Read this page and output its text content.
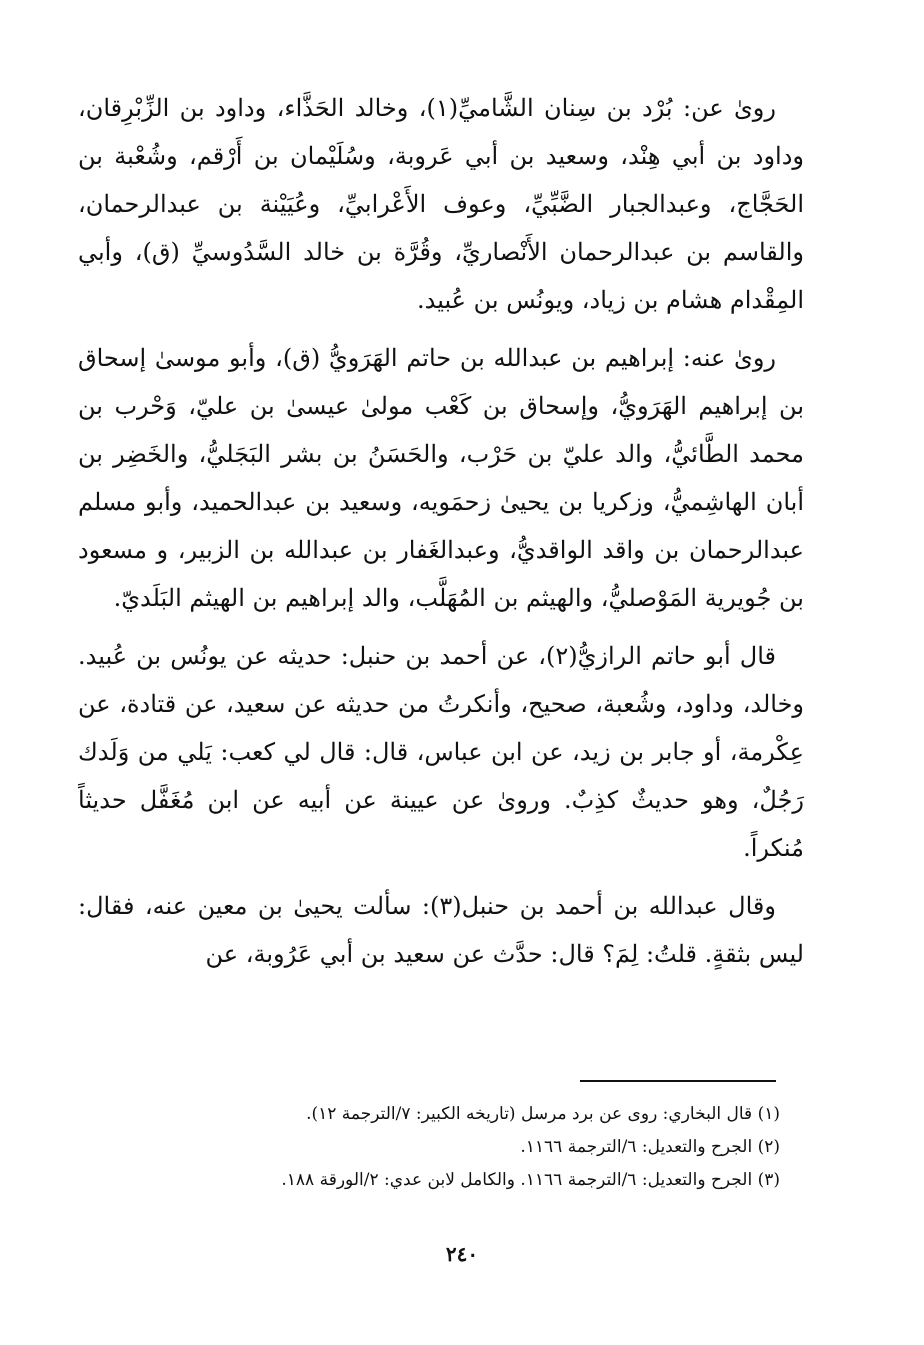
رویٰ عن: بُرْد بن سِنان الشَّاميِّ(١)، وخالد الحَذَّاء، وداود بن الزِّبْرِقان، وداود بن أبي هِنْد، وسعيد بن أبي عَروبة، وسُلَيْمان بن أَرْقم، وشُعْبة بن الحَجَّاج، وعبدالجبار الضَّبِّيِّ، وعوف الأَعْرابيِّ، وعُيَيْنة بن عبدالرحمان، والقاسم بن عبدالرحمان الأَنْصاريِّ، وقُرَّة بن خالد السَّدُوسيِّ (ق)، وأبي المِقْدام هشام بن زياد، ويونُس بن عُبيد.

رویٰ عنه: إبراهيم بن عبدالله بن حاتم الهَرَويُّ (ق)، وأبو موسیٰ إسحاق بن إبراهيم الهَرَويُّ، وإسحاق بن كَعْب مولیٰ عيسیٰ بن عليّ، وَحْرب بن محمد الطَّائيُّ، والد عليّ بن حَرْب، والحَسَنُ بن بشر البَجَليُّ، والخَضِر بن أبان الهاشِميُّ، وزكريا بن يحيیٰ زحمَويه، وسعيد بن عبدالحميد، وأبو مسلم عبدالرحمان بن واقد الواقديُّ، وعبدالغَفار بن عبدالله بن الزبير، و مسعود بن جُويرية المَوْصليُّ، والهيثم بن المُهَلَّب، والد إبراهيم بن الهيثم البَلَديّ.

قال أبو حاتم الرازيُّ(٢)، عن أحمد بن حنبل: حديثه عن يونُس بن عُبيد. وخالد، وداود، وشُعبة، صحيح، وأنكرتُ من حديثه عن سعيد، عن قتادة، عن عِكْرمة، أو جابر بن زيد، عن ابن عباس، قال: قال لي كعب: يَلي من وَلَدك رَجُلٌ، وهو حديثٌ كذِبٌ. ورویٰ عن عيينة عن أبيه عن ابن مُغَفَّل حديثاً مُنكراً.

وقال عبدالله بن أحمد بن حنبل(٣): سألت يحيیٰ بن معين عنه، فقال: ليس بثقةٍ. قلتُ: لِمَ؟ قال: حدَّث عن سعيد بن أبي عَرُوبة، عن

(١) قال البخاري: روی عن برد مرسل (تاريخه الكبير: ٧/الترجمة ١٢).

(٢) الجرح والتعديل: ٦/الترجمة ١١٦٦.

(٣) الجرح والتعديل: ٦/الترجمة ١١٦٦. والكامل لابن عدي: ٢/الورقة ١٨٨.

٢٤٠
